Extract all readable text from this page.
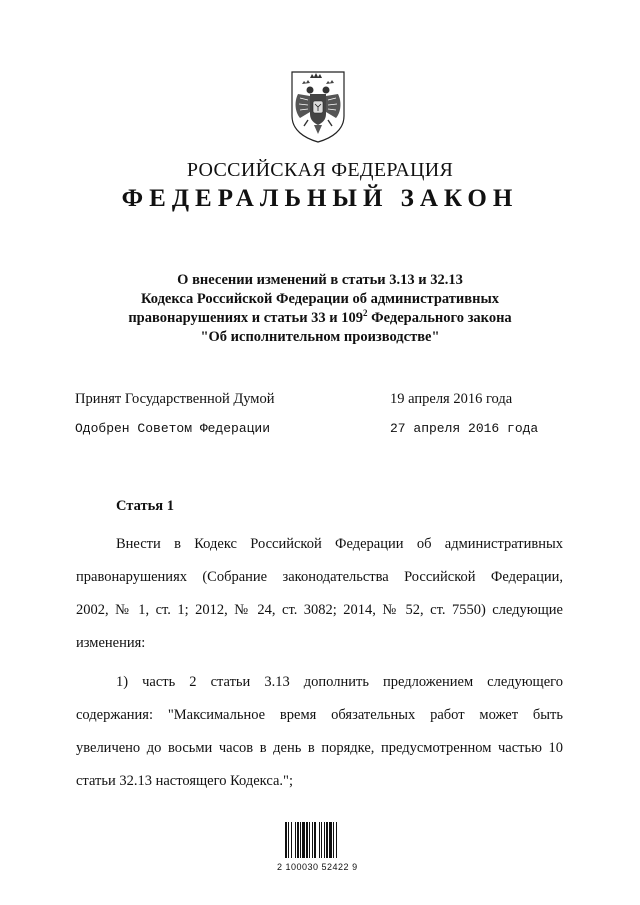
РОССИЙСКАЯ ФЕДЕРАЦИЯ
ФЕДЕРАЛЬНЫЙ ЗАКОН
О внесении изменений в статьи 3.13 и 32.13
Кодекса Российской Федерации об административных
правонарушениях и статьи 33 и $109^2$ Федерального закона
"Об исполнительном производстве"
Принят Государственной Думой	19 апреля 2016 года
Одобрен Советом Федерации	27 апреля 2016 года
Статья 1
Внести в Кодекс Российской Федерации об административных
правонарушениях (Собрание законодательства Российской Федерации,
2002, № 1, ст. 1; 2012, № 24, ст. 3082; 2014, № 52, ст. 7550) следующие
изменения:
1) часть 2 статьи 3.13 дополнить предложением следующего
содержания: "Максимальное время обязательных работ может быть
увеличено до восьми часов в день в порядке, предусмотренном частью 10
статьи 32.13 настоящего Кодекса.";
2 100030 52422 9
